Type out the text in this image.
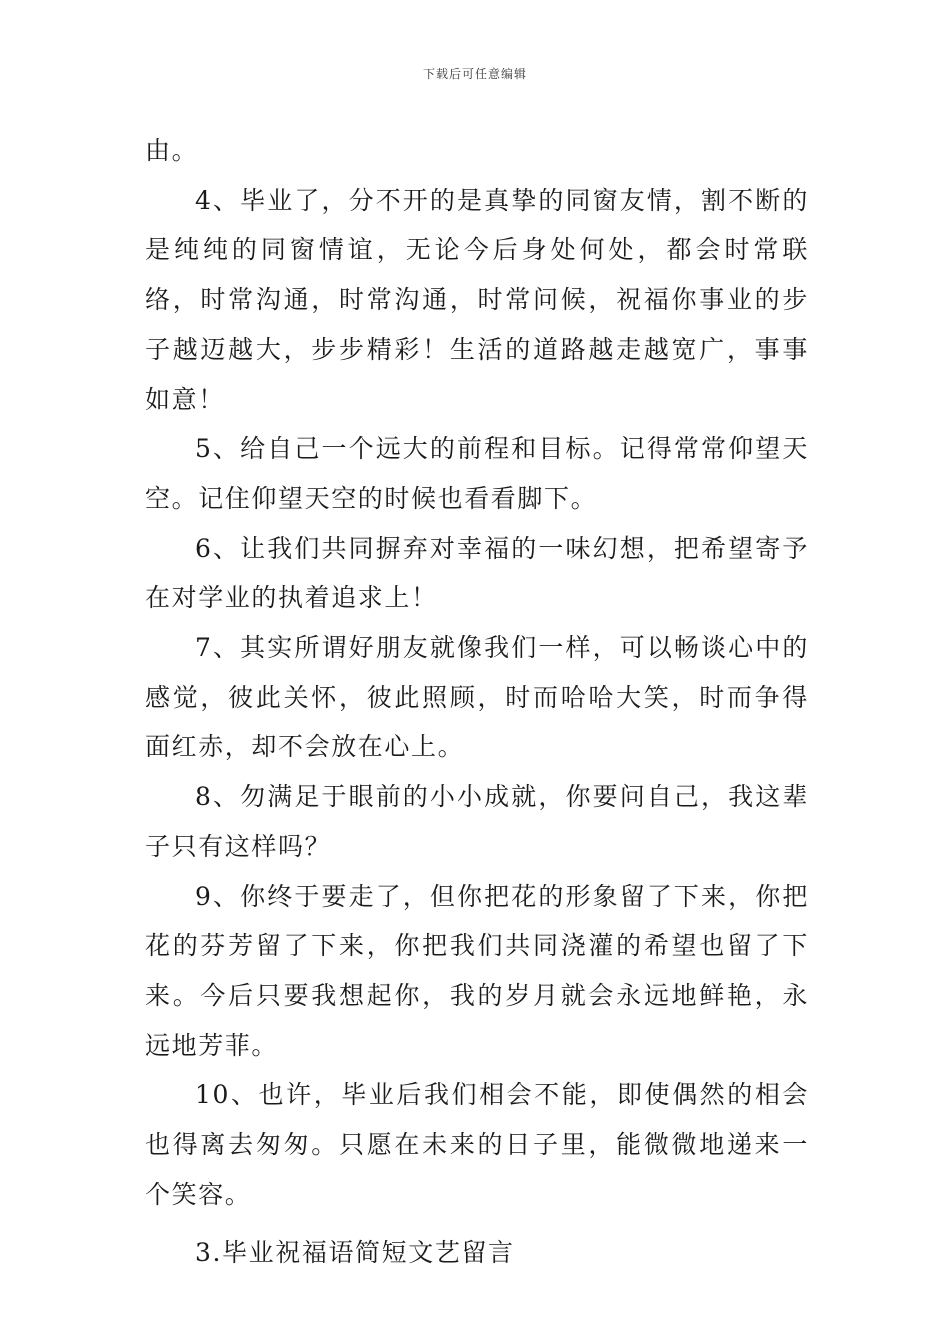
下载后可任意编辑

由。

4、毕业了，分不开的是真挚的同窗友情，割不断的是纯纯的同窗情谊，无论今后身处何处，都会时常联络，时常沟通，时常沟通，时常问候，祝福你事业的步子越迈越大，步步精彩！生活的道路越走越宽广，事事如意！

5、给自己一个远大的前程和目标。记得常常仰望天空。记住仰望天空的时候也看看脚下。

6、让我们共同摒弃对幸福的一味幻想，把希望寄予在对学业的执着追求上！

7、其实所谓好朋友就像我们一样，可以畅谈心中的感觉，彼此关怀，彼此照顾，时而哈哈大笑，时而争得面红赤，却不会放在心上。

8、勿满足于眼前的小小成就，你要问自己，我这辈子只有这样吗？

9、你终于要走了，但你把花的形象留了下来，你把花的芬芳留了下来，你把我们共同浇灌的希望也留了下来。今后只要我想起你，我的岁月就会永远地鲜艳，永远地芳菲。

10、也许，毕业后我们相会不能，即使偶然的相会也得离去匆匆。只愿在未来的日子里，能微微地递来一个笑容。

3.毕业祝福语简短文艺留言
